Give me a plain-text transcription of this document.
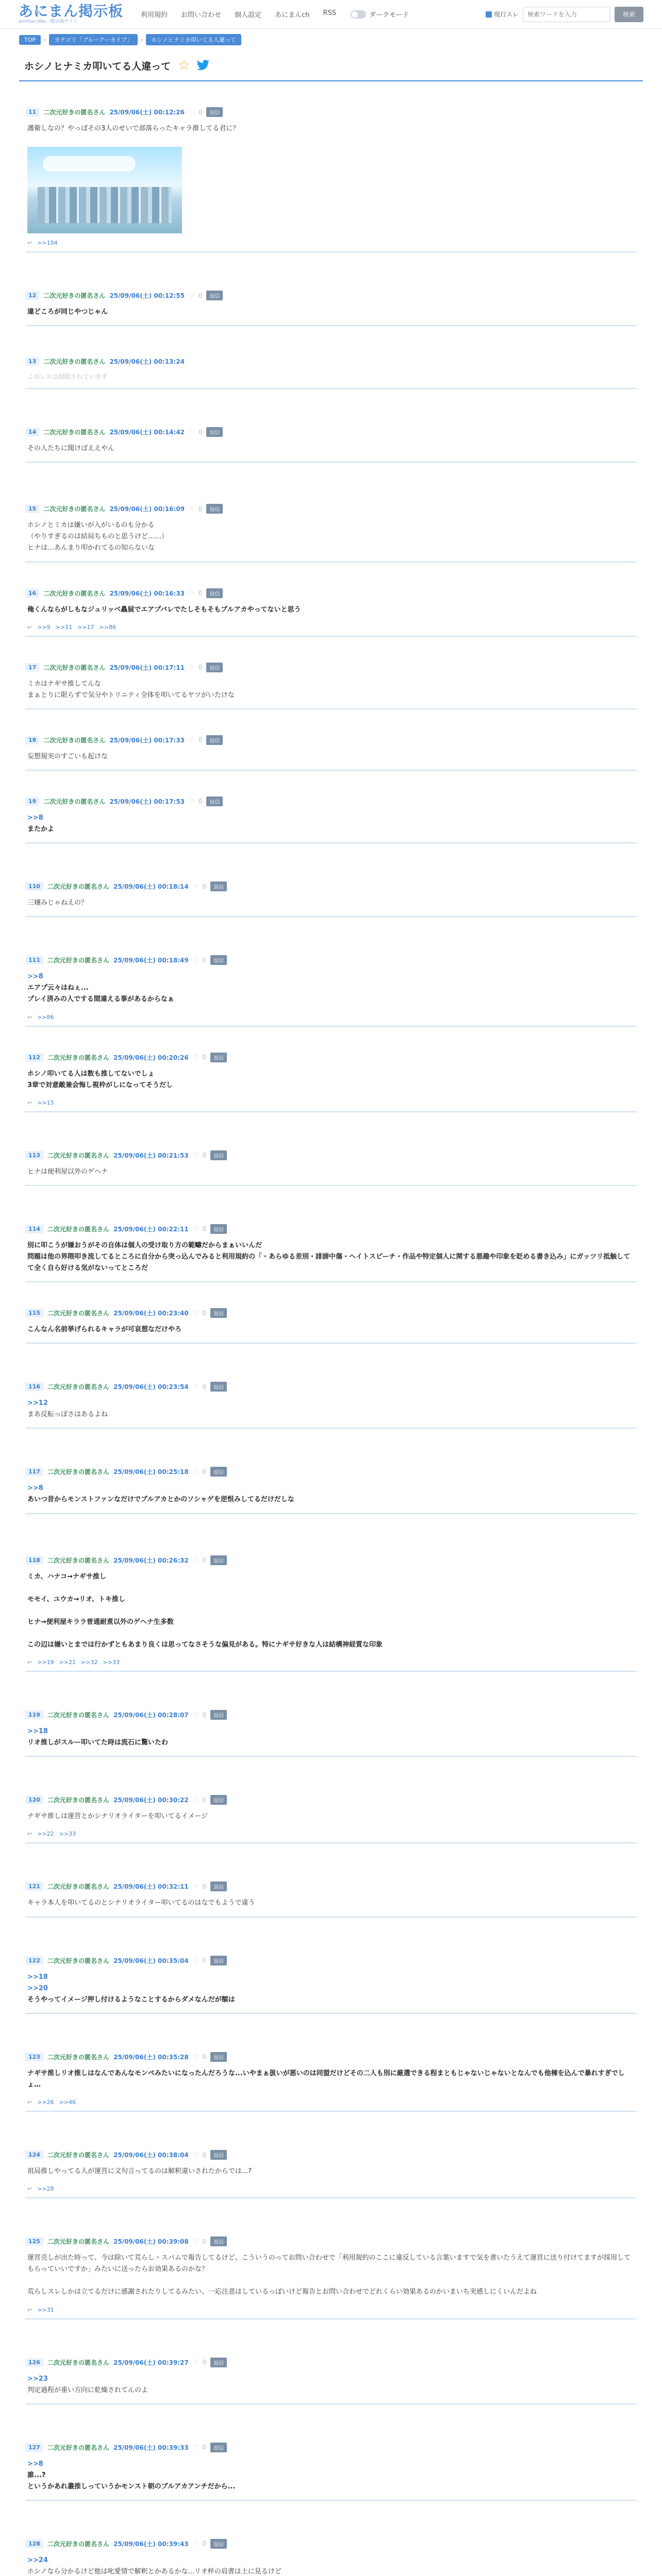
あにまん掲示板
animan bbs - 掲示板サイト
利用規約 お問い合わせ 個人設定 あにまんch RSS	ダークモード	現行スレ
検索ワードを入力	検索
TOP	›	カテゴリ「ブルーアーカイブ」	›	ホシノヒナミカ叩いてる人違って
ホシノヒナミカ叩いてる人違って ☆
11	二次元好きの匿名さん 25/09/06(土) 00:12:26 ♡ 0	返信
護衛しなの？やっぱその3人のせいで部落らったキャラ推してる君に？
↩ >>104
12	二次元好きの匿名さん 25/09/06(土) 00:12:55 ♡ 0	返信
違どころが同じやつじゃん
13	二次元好きの匿名さん 25/09/06(土) 00:13:24
このレスは削除されています
14	二次元好きの匿名さん 25/09/06(土) 00:14:42 ♡ 0	返信
その人たちに聞けばええやん
15	二次元好きの匿名さん 25/09/06(土) 00:16:09 ♡ 0	返信
ホシノとミカは嫌いが入がいるのも分かる
（やりすぎるのは結局ちものと思うけど……）
ヒナは…あんまり叩かれてるの知らないな
16	二次元好きの匿名さん 25/09/06(土) 00:16:33 ♡ 0	返信
俺くんならがしもなジュリッベ贔屓でエアプバレでたしそもそもブルアカやってないと思う
↩ >>9 >>11 >>17 >>86
17	二次元好きの匿名さん 25/09/06(土) 00:17:11 ♡ 0	返信
ミカはナギサ推してんな
まぁとりに限らずで気分やトリニティ全体を叩いてるヤツがいたけな
18	二次元好きの匿名さん 25/09/06(土) 00:17:33 ♡ 0	返信
妄想規実のすごいも起けな
19	二次元好きの匿名さん 25/09/06(土) 00:17:53 ♡ 0	返信
>>8
またかよ
110	二次元好きの匿名さん 25/09/06(土) 00:18:14 ♡ 0	返信
三嬢みじゃねえの？
111	二次元好きの匿名さん 25/09/06(土) 00:18:49 ♡ 0	返信
>>8
エアプ云々はねぇ...
プレイ済みの人でする間違える事があるからなぁ
↩ >>86
112	二次元好きの匿名さん 25/09/06(土) 00:20:26 ♡ 0	返信
ホシノ叩いてる人は数も推してないでしょ
3章で対意敵兼会悔し視枠がしになってそうだし
↩ >>15
113	二次元好きの匿名さん 25/09/06(土) 00:21:53 ♡ 0	返信
ヒナは便利屋以外のゲヘナ
114	二次元好きの匿名さん 25/09/06(土) 00:22:11 ♡ 0	返信
別に叩こうが嫌おうがその自体は個人の受け取り方の範疇だからまぁいいんだ
問題は他の界隈叩き流してるところに自分から突っ込んでみると利用規約の「・あらゆる差別・誹謗中傷・ヘイトスピーチ・作品や特定個人に関する悪趣や印象を貶める書き込み」にガッツリ抵触してて全く自ら好ける気がないってところだ
115	二次元好きの匿名さん 25/09/06(土) 00:23:40 ♡ 0	返信
こんなん名前挙げられるキャラが可哀想なだけやろ
116	二次元好きの匿名さん 25/09/06(土) 00:23:54 ♡ 0	返信
>>12
まあ反転っぽさはあるよね
117	二次元好きの匿名さん 25/09/06(土) 00:25:18 ♡ 0	返信
>>8
あいつ昔からモンストファンなだけでブルアカとかのソシャゲを逆恨みしてるだけだしな
118	二次元好きの匿名さん 25/09/06(土) 00:26:32 ♡ 0	返信
ミカ、ハナコ→ナギサ推し
モモイ、ユウカ→リオ、トキ推し
ヒナ→便利屋キララ普通耐煮以外のゲヘナ生多数
この辺は嫌いとまでは行かずともあまり良くは思ってなさそうな偏見がある。特にナギサ好きな人は結構神経質な印象
↩ >>19 >>21 >>32 >>33
119	二次元好きの匿名さん 25/09/06(土) 00:28:07 ♡ 0	返信
>>18
リオ推しがスルー叩いてた時は流石に驚いたわ
120	二次元好きの匿名さん 25/09/06(土) 00:30:22 ♡ 0	返信
ナギサ推しは運営とかシナリオライターを叩いてるイメージ
↩ >>22 >>33
121	二次元好きの匿名さん 25/09/06(土) 00:32:11 ♡ 0	返信
キャラ本人を叩いてるのとシナリオライター叩いてるのはなでもようで違う
122	二次元好きの匿名さん 25/09/06(土) 00:35:04 ♡ 0	返信
>>18
>>20
そうやってイメージ押し付けるようなことするからダメなんだが額は
123	二次元好きの匿名さん 25/09/06(土) 00:35:28 ♡ 0	返信
ナギサ推しリオ推しはなんであんなモンペみたいになったんだろうな...いやまぁ扱いが悪いのは同盟だけどその二人も別に厳選できる程まともじゃないじゃないとなんでも他棟を込んで暴れすぎでしょ…
↩ >>26 >>46
124	二次元好きの匿名さん 25/09/06(土) 00:38:04 ♡ 0	返信
祖局推しやってる人が運営に文句言ってるのは解釈違いされたからでは...?
↩ >>28
125	二次元好きの匿名さん 25/09/06(土) 00:39:08 ♡ 0	返信
運営売しが出た時って、今は除いて荒らし・スパムで報告してるけど、こういうのってお問い合わせで「利用規約のここに違反している言葉いますで気を書いたうえて運営に送り付けてますが採用してもらっていいですか」みたいに送ったらお効果あるのかな？
荒らしスレしかは立てるだけに感謝されたりしてるみたい、一応注意はしているっぽいけど報告とお問い合わせでどれくらい効果あるのかいまいち実感しにくいんだよね
↩ >>31
126	二次元好きの匿名さん 25/09/06(土) 00:39:27 ♡ 0	返信
>>23
判定過程が重い方向に乾燥されてんのよ
127	二次元好きの匿名さん 25/09/06(土) 00:39:33 ♡ 0	返信
>>8
誰...?
というかあれ叢推しっていうかモンスト朝のブルアカアンチだから...
128	二次元好きの匿名さん 25/09/06(土) 00:39:43 ♡ 0	返信
>>24
ホシノなら分かるけど他は叱愛情で解釈とかあるかな...リオ杯の肩書は土に見るけど
